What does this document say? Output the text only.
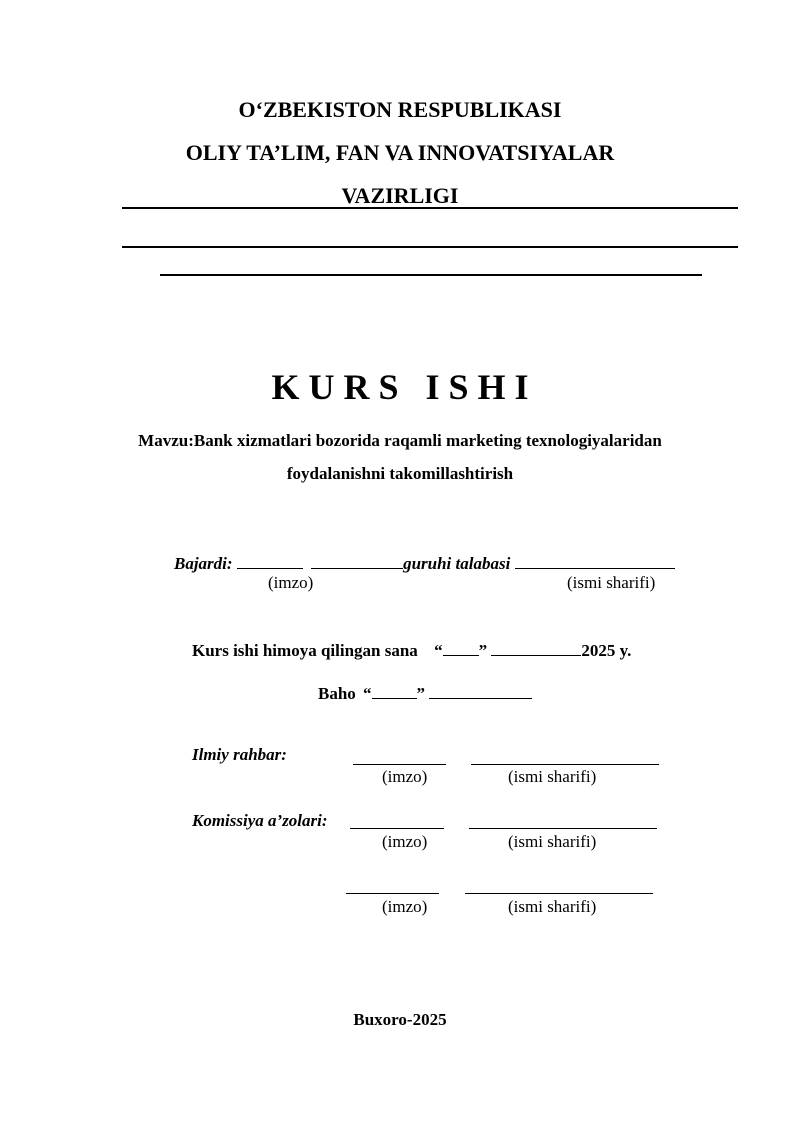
O‘ZBEKISTON RESPUBLIKASI
OLIY TA’LIM, FAN VA INNOVATSIYALAR
VAZIRLIGI
K U R S   I S H I
Mavzu:Bank xizmatlari bozorida raqamli marketing texnologiyalaridan
foydalanishni takomillashtirish
Bajardi:	guruhi talabasi
(imzo)	(ismi sharifi)
Kurs ishi himoya qilingan sana “ ”	2025 y.
Baho “	”
Ilmiy rahbar:
(imzo)	(ismi sharifi)
Komissiya a’zolari:
(imzo)	(ismi sharifi)
(imzo)	(ismi sharifi)
Buxoro-2025
